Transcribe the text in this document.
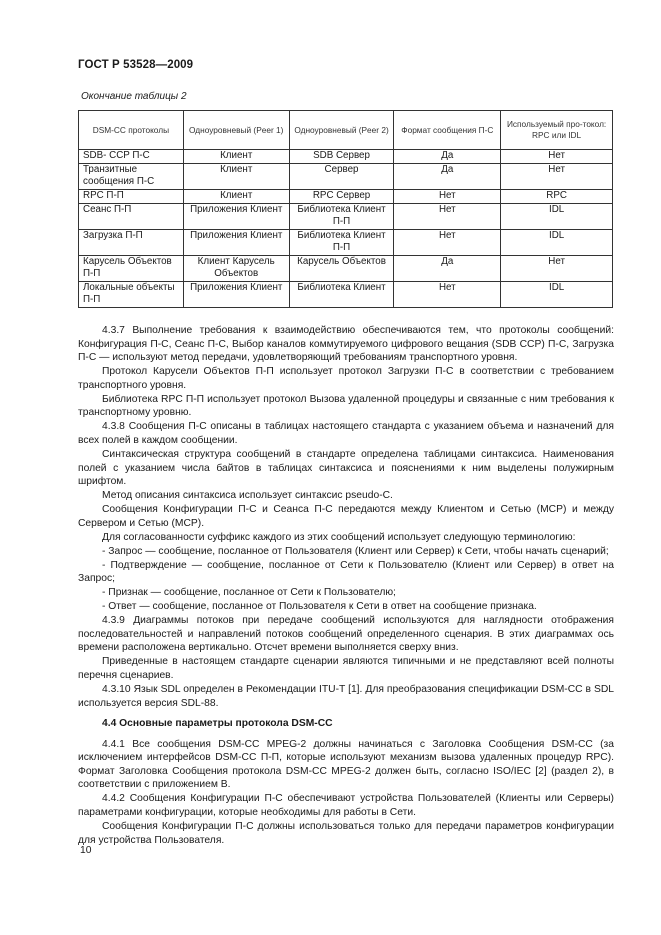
ГОСТ Р 53528—2009
Окончание таблицы 2
DSM-CC протоколы	Одноуровневый (Peer 1)	Одноуровневый (Peer 2)	Формат сообщения П-С	Используемый про-токол: RPC или IDL
SDB- CCP П-С	Клиент	SDB Сервер	Да	Нет
Транзитные сообщения П-С	Клиент	Сервер	Да	Нет
RPC П-П	Клиент	RPC Сервер	Нет	RPC
Сеанс П-П	Приложения Клиент	Библиотека Клиент П-П	Нет	IDL
Загрузка П-П	Приложения Клиент	Библиотека Клиент П-П	Нет	IDL
Карусель Объектов П-П	Клиент Карусель Объектов	Карусель Объектов	Да	Нет
Локальные объекты П-П	Приложения Клиент	Библиотека Клиент	Нет	IDL

4.3.7 Выполнение требования к взаимодействию обеспечиваются тем, что протоколы сообщений: Конфигурация П-С, Сеанс П-С, Выбор каналов коммутируемого цифрового вещания (SDB CCP) П-С, Загрузка П-С — используют метод передачи, удовлетворяющий требованиям транспортного уровня.

Протокол Карусели Объектов П-П использует протокол Загрузки П-С в соответствии с требованием транспортного уровня.

Библиотека RPC П-П использует протокол Вызова удаленной процедуры и связанные с ним требования к транспортному уровню.

4.3.8 Сообщения П-С описаны в таблицах настоящего стандарта с указанием объема и назначений для всех полей в каждом сообщении.

Синтаксическая структура сообщений в стандарте определена таблицами синтаксиса. Наименования полей с указанием числа байтов в таблицах синтаксиса и пояснениями к ним выделены полужирным шрифтом.

Метод описания синтаксиса использует синтаксис pseudo-C.

Сообщения Конфигурации П-С и Сеанса П-С передаются между Клиентом и Сетью (МСР) и между Сервером и Сетью (МСР).

Для согласованности суффикс каждого из этих сообщений использует следующую терминологию:

- Запрос — сообщение, посланное от Пользователя (Клиент или Сервер) к Сети, чтобы начать сценарий;

- Подтверждение — сообщение, посланное от Сети к Пользователю (Клиент или Сервер) в ответ на Запрос;

- Признак — сообщение, посланное от Сети к Пользователю;

- Ответ — сообщение, посланное от Пользователя к Сети в ответ на сообщение признака.

4.3.9 Диаграммы потоков при передаче сообщений используются для наглядности отображения последовательностей и направлений потоков сообщений определенного сценария. В этих диаграммах ось времени расположена вертикально. Отсчет времени выполняется сверху вниз.

Приведенные в настоящем стандарте сценарии являются типичными и не представляют всей полноты перечня сценариев.

4.3.10 Язык SDL определен в Рекомендации ITU-T [1]. Для преобразования спецификации DSM-CC в SDL используется версия SDL-88.

4.4 Основные параметры протокола DSM-CC

4.4.1 Все сообщения DSM-CC MPEG-2 должны начинаться с Заголовка Сообщения DSM-CC (за исключением интерфейсов DSM-CC П-П, которые используют механизм вызова удаленных процедур RPC). Формат Заголовка Сообщения протокола DSM-CC MPEG-2 должен быть, согласно ISO/IEC [2] (раздел 2), в соответствии с приложением B.

4.4.2 Сообщения Конфигурации П-С обеспечивают устройства Пользователей (Клиенты или Серверы) параметрами конфигурации, которые необходимы для работы в Сети.

Сообщения Конфигурации П-С должны использоваться только для передачи параметров конфигурации для устройства Пользователя.

10
